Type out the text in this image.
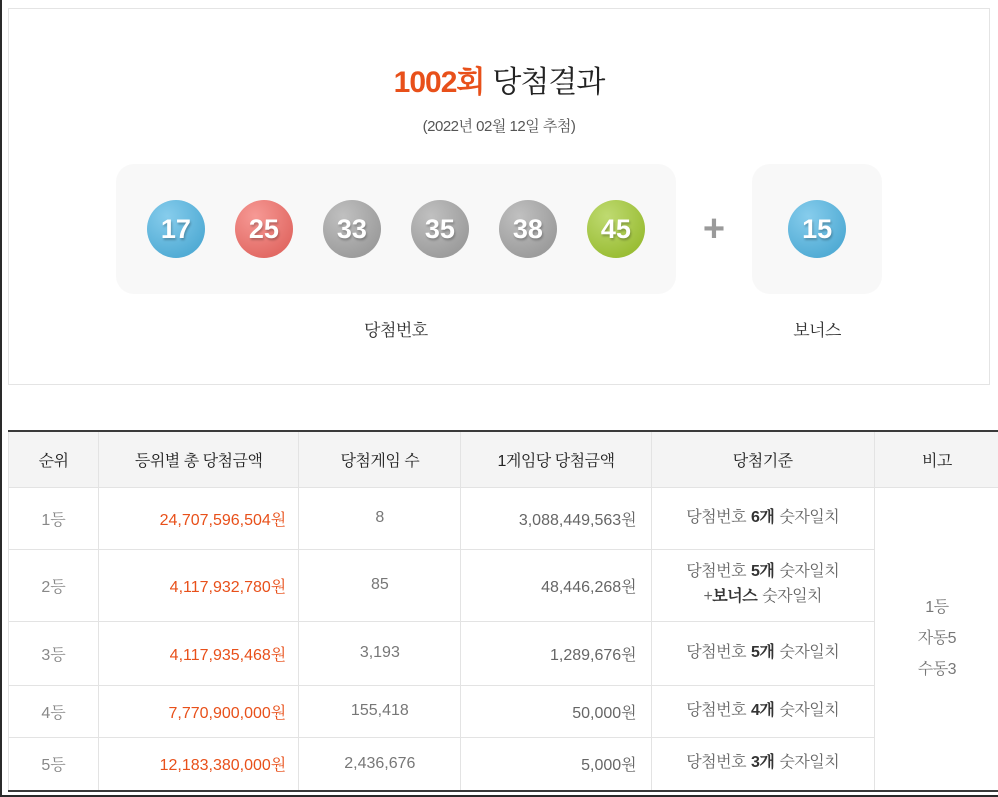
1002회 당첨결과
(2022년 02월 12일 추첨)
17	25	33	35	38	45
당첨번호
+	15
보너스
순위	등위별 총 당첨금액	당첨게임 수	1게임당 당첨금액	당첨기준	비고
1등	24,707,596,504원	8	3,088,449,563원	당첨번호 6개 숫자일치	1등
자동5
수동3

2등	4,117,932,780원	85	48,446,268원	당첨번호 5개 숫자일치
+보너스 숫자일치	

3등	4,117,935,468원	3,193	1,289,676원	당첨번호 5개 숫자일치	

4등	7,770,900,000원	155,418	50,000원	당첨번호 4개 숫자일치	

5등	12,183,380,000원	2,436,676	5,000원	당첨번호 3개 숫자일치	
